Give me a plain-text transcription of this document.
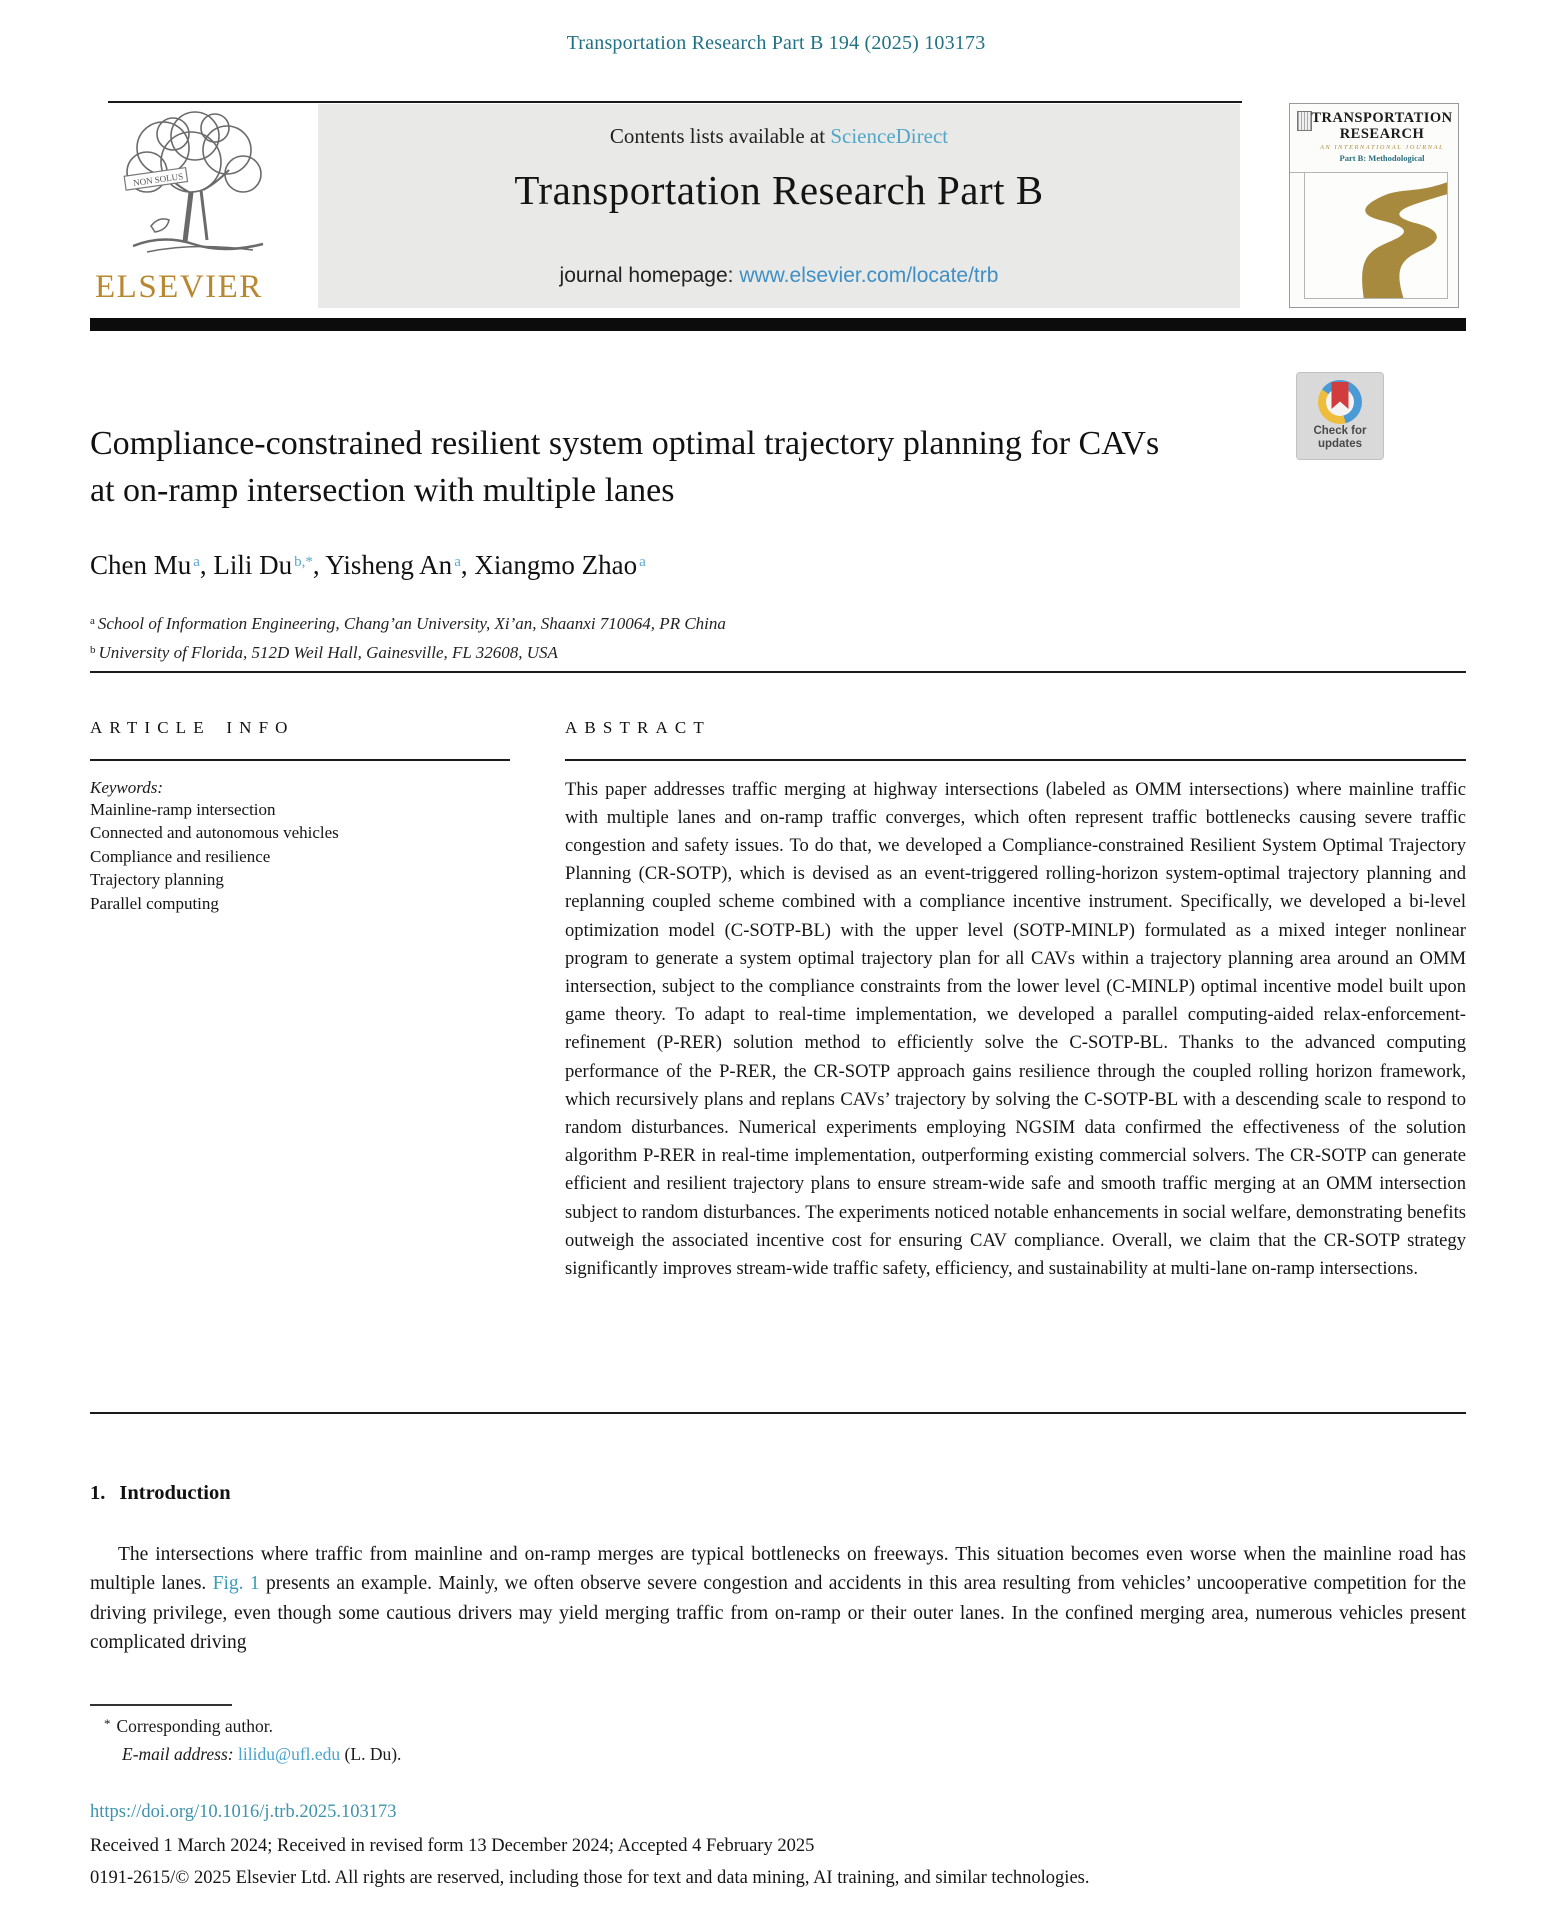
Transportation Research Part B 194 (2025) 103173
Contents lists available at ScienceDirect
Transportation Research Part B
journal homepage: www.elsevier.com/locate/trb
NON SOLUS
ELSEVIER
TRANSPORTATION
RESEARCH
AN INTERNATIONAL JOURNAL
Part B: Methodological
Compliance-constrained resilient system optimal trajectory planning for CAVs at on-ramp intersection with multiple lanes
Check for
updates
Chen Mu $^a$, Lili Du $^{b,*}$, Yisheng An $^a$, Xiangmo Zhao $^a$
$^a$ School of Information Engineering, Chang’an University, Xi’an, Shaanxi 710064, PR China
$^b$ University of Florida, 512D Weil Hall, Gainesville, FL 32608, USA
ARTICLE INFO
Keywords:
Mainline-ramp intersection
Connected and autonomous vehicles
Compliance and resilience
Trajectory planning
Parallel computing
ABSTRACT
This paper addresses traffic merging at highway intersections (labeled as OMM intersections) where mainline traffic with multiple lanes and on-ramp traffic converges, which often represent traffic bottlenecks causing severe traffic congestion and safety issues. To do that, we developed a Compliance-constrained Resilient System Optimal Trajectory Planning (CR-SOTP), which is devised as an event-triggered rolling-horizon system-optimal trajectory planning and replanning coupled scheme combined with a compliance incentive instrument. Specifically, we developed a bi-level optimization model (C-SOTP-BL) with the upper level (SOTP-MINLP) formulated as a mixed integer nonlinear program to generate a system optimal trajectory plan for all CAVs within a trajectory planning area around an OMM intersection, subject to the compliance constraints from the lower level (C-MINLP) optimal incentive model built upon game theory. To adapt to real-time implementation, we developed a parallel computing-aided relax-enforcement-refinement (P-RER) solution method to efficiently solve the C-SOTP-BL. Thanks to the advanced computing performance of the P-RER, the CR-SOTP approach gains resilience through the coupled rolling horizon framework, which recursively plans and replans CAVs’ trajectory by solving the C-SOTP-BL with a descending scale to respond to random disturbances. Numerical experiments employing NGSIM data confirmed the effectiveness of the solution algorithm P-RER in real-time implementation, outperforming existing commercial solvers. The CR-SOTP can generate efficient and resilient trajectory plans to ensure stream-wide safe and smooth traffic merging at an OMM intersection subject to random disturbances. The experiments noticed notable enhancements in social welfare, demonstrating benefits outweigh the associated incentive cost for ensuring CAV compliance. Overall, we claim that the CR-SOTP strategy significantly improves stream-wide traffic safety, efficiency, and sustainability at multi-lane on-ramp intersections.
1. Introduction

The intersections where traffic from mainline and on-ramp merges are typical bottlenecks on freeways. This situation becomes even worse when the mainline road has multiple lanes. Fig. 1 presents an example. Mainly, we often observe severe congestion and accidents in this area resulting from vehicles’ uncooperative competition for the driving privilege, even though some cautious drivers may yield merging traffic from on-ramp or their outer lanes. In the confined merging area, numerous vehicles present complicated driving

* Corresponding author.
E-mail address: lilidu@ufl.edu (L. Du).
https://doi.org/10.1016/j.trb.2025.103173
Received 1 March 2024; Received in revised form 13 December 2024; Accepted 4 February 2025
0191-2615/© 2025 Elsevier Ltd. All rights are reserved, including those for text and data mining, AI training, and similar technologies.
